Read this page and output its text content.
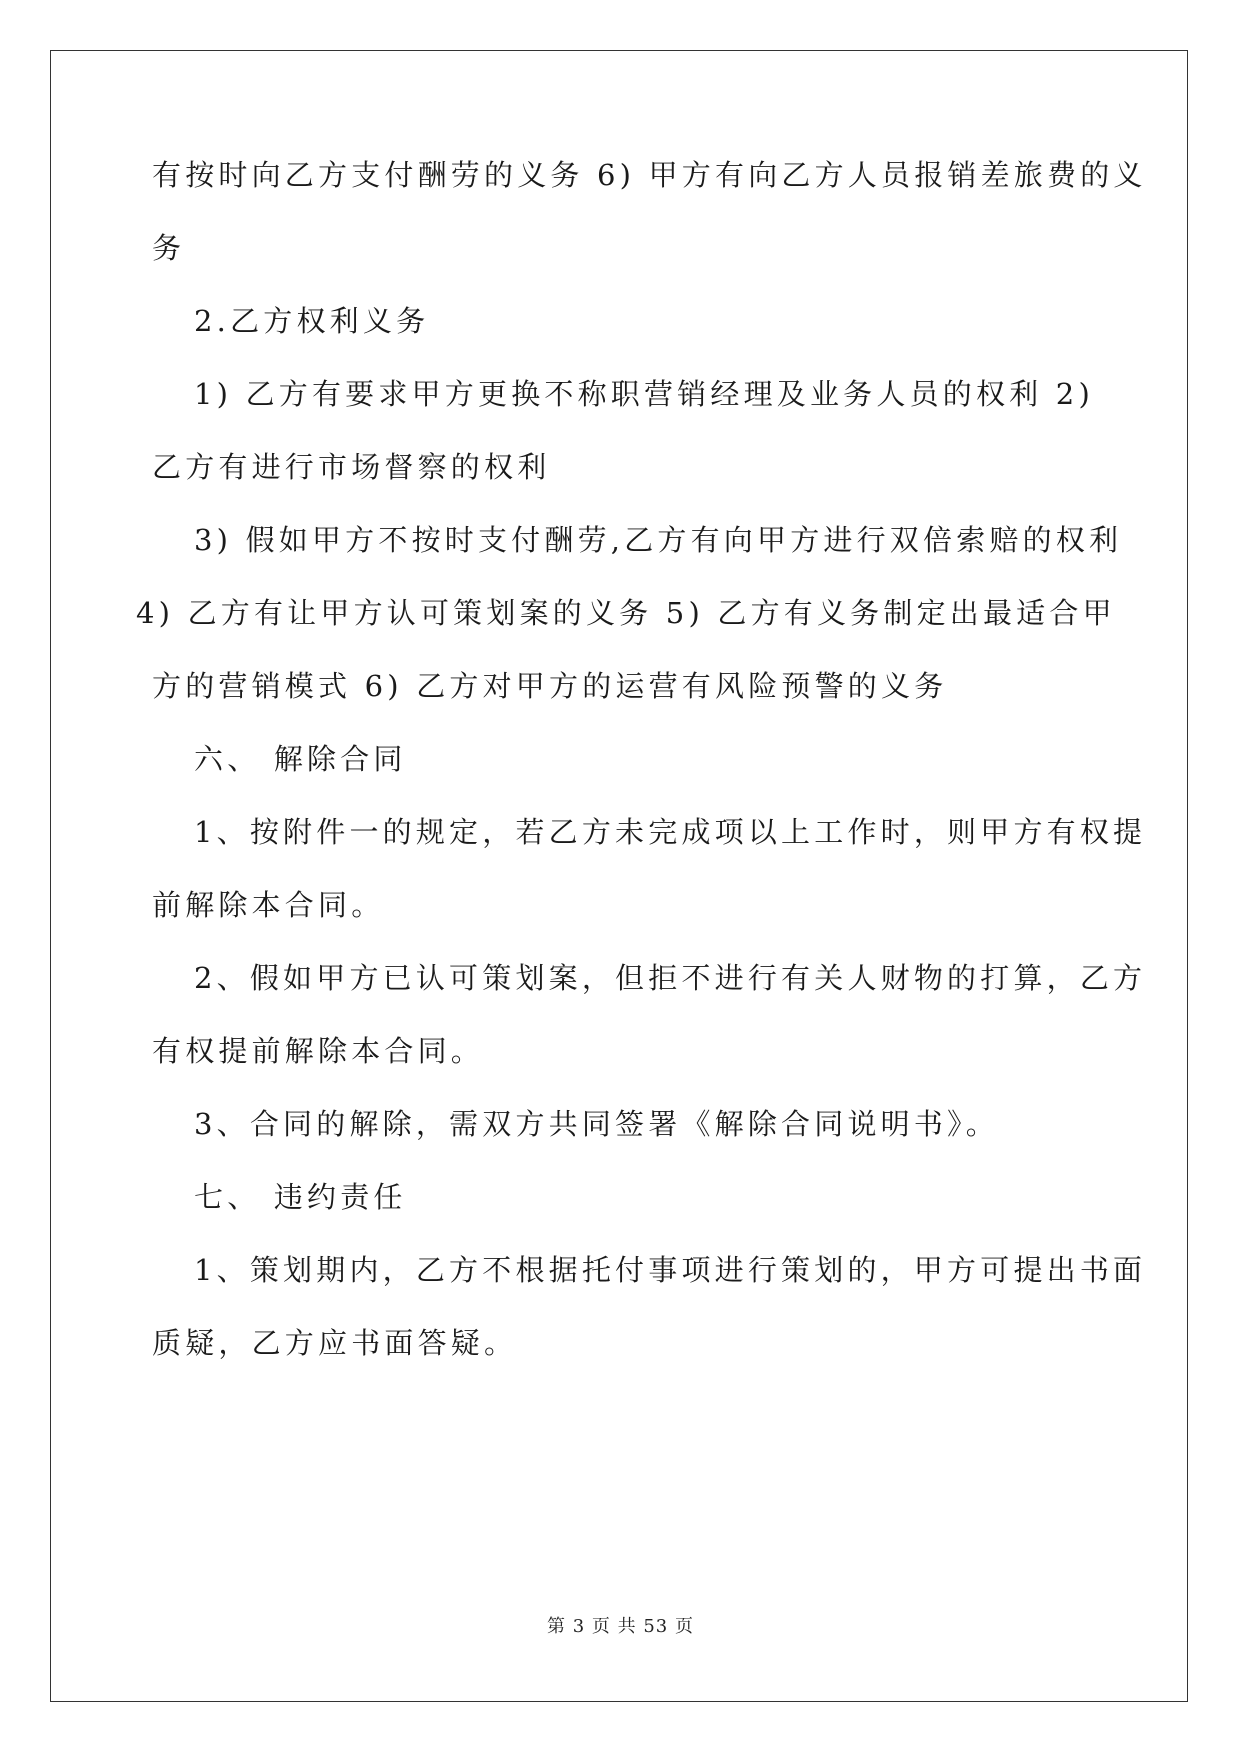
有按时向乙方支付酬劳的义务 6) 甲方有向乙方人员报销差旅费的义
务
2.乙方权利义务
1) 乙方有要求甲方更换不称职营销经理及业务人员的权利 2)
乙方有进行市场督察的权利
3) 假如甲方不按时支付酬劳,乙方有向甲方进行双倍索赔的权利
4) 乙方有让甲方认可策划案的义务 5) 乙方有义务制定出最适合甲
方的营销模式 6) 乙方对甲方的运营有风险预警的义务
六、 解除合同
1、按附件一的规定，若乙方未完成项以上工作时，则甲方有权提
前解除本合同。
2、假如甲方已认可策划案，但拒不进行有关人财物的打算，乙方
有权提前解除本合同。
3、合同的解除，需双方共同签署《解除合同说明书》。
七、 违约责任
1、策划期内，乙方不根据托付事项进行策划的，甲方可提出书面
质疑，乙方应书面答疑。
第 3 页 共 53 页
